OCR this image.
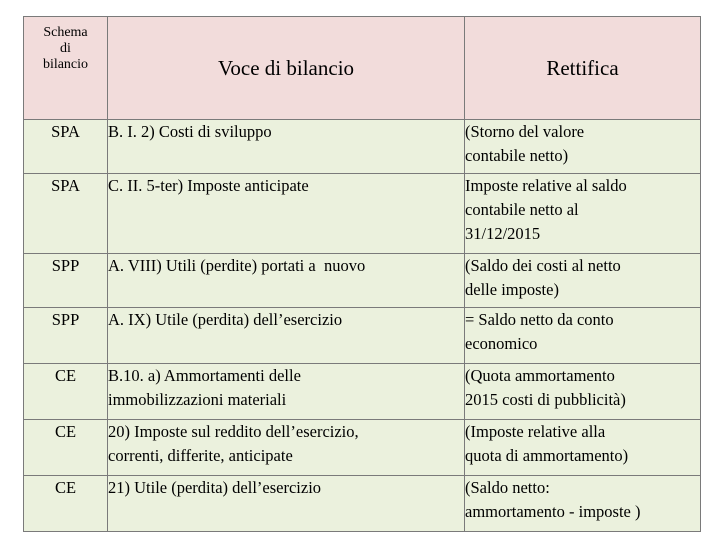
Schema
di
bilancio	Voce di bilancio	Rettifica
SPA	B. I. 2) Costi di sviluppo	(Storno del valore
contabile netto)

SPA	C. II. 5-ter) Imposte anticipate	Imposte relative al saldo
contabile netto al
31/12/2015

SPP	A. VIII) Utili (perdite) portati a  nuovo	(Saldo dei costi al netto
delle imposte)

SPP	A. IX) Utile (perdita) dell’esercizio	= Saldo netto da conto
economico

CE	B.10. a) Ammortamenti delle
immobilizzazioni materiali	(Quota ammortamento
2015 costi di pubblicità)

CE	20) Imposte sul reddito dell’esercizio,
correnti, differite, anticipate	(Imposte relative alla
quota di ammortamento)

CE	21) Utile (perdita) dell’esercizio	(Saldo netto:
ammortamento - imposte )
